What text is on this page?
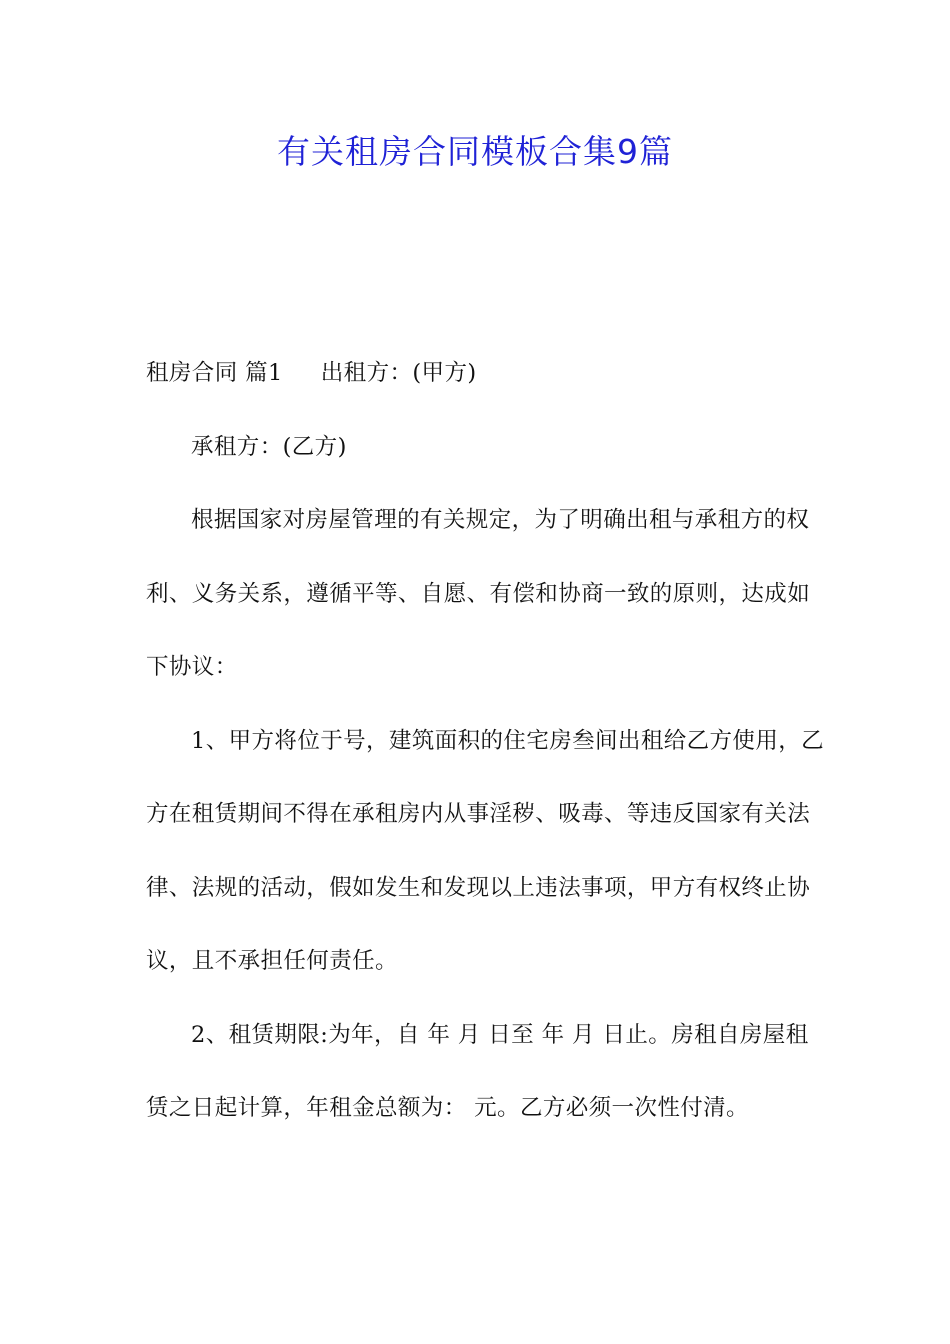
有关租房合同模板合集9篇

租房合同 篇1 出租方：(甲方)

承租方：(乙方)

根据国家对房屋管理的有关规定，为了明确出租与承租方的权利、义务关系，遵循平等、自愿、有偿和协商一致的原则，达成如下协议：

1、甲方将位于号，建筑面积的住宅房叁间出租给乙方使用，乙方在租赁期间不得在承租房内从事淫秽、吸毒、等违反国家有关法律、法规的活动，假如发生和发现以上违法事项，甲方有权终止协议，且不承担任何责任。

2、租赁期限:为年，自 年 月 日至 年 月 日止。房租自房屋租赁之日起计算，年租金总额为： 元。乙方必须一次性付清。
